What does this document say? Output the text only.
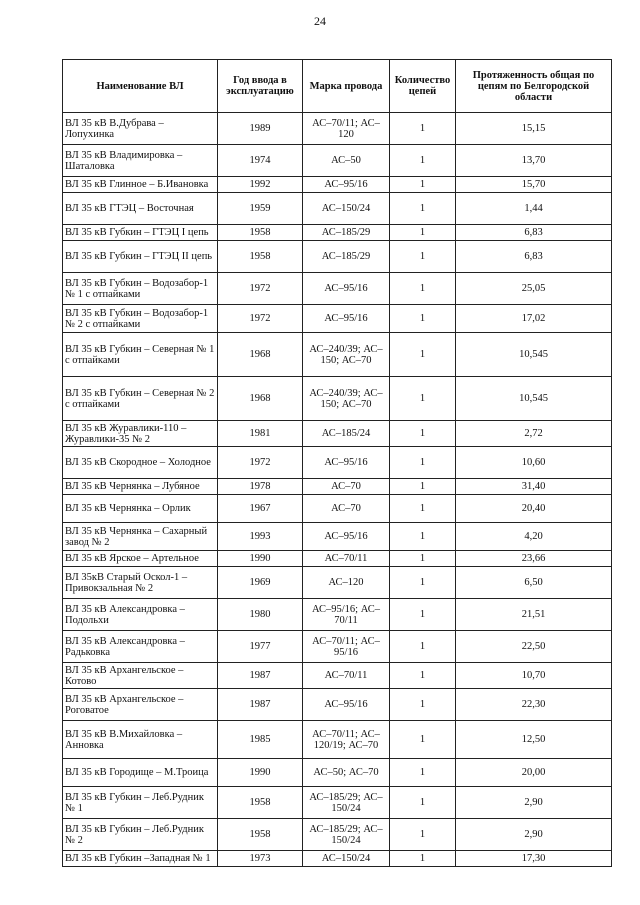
24
Наименование ВЛ	Год ввода в эксплуатацию	Марка провода	Количество цепей	Протяженность общая по цепям по Белгородской области
ВЛ 35 кВ В.Дубрава – Лопухинка	1989	АС–70/11; АС–120	1	15,15
ВЛ 35 кВ Владимировка – Шаталовка	1974	АС–50	1	13,70
ВЛ 35 кВ Глинное – Б.Ивановка	1992	АС–95/16	1	15,70
ВЛ 35 кВ ГТЭЦ – Восточная	1959	АС–150/24	1	1,44
ВЛ 35 кВ Губкин – ГТЭЦ I цепь	1958	АС–185/29	1	6,83
ВЛ 35 кВ Губкин – ГТЭЦ II цепь	1958	АС–185/29	1	6,83
ВЛ 35 кВ Губкин – Водозабор-1 № 1 с отпайками	1972	АС–95/16	1	25,05
ВЛ 35 кВ Губкин – Водозабор-1 № 2 с отпайками	1972	АС–95/16	1	17,02
ВЛ 35 кВ Губкин – Северная № 1 с отпайками	1968	АС–240/39; АС–150; АС–70	1	10,545
ВЛ 35 кВ Губкин – Северная № 2 с отпайками	1968	АС–240/39; АС–150; АС–70	1	10,545
ВЛ 35 кВ Журавлики-110 – Журавлики-35 № 2	1981	АС–185/24	1	2,72
ВЛ 35 кВ Скородное – Холодное	1972	АС–95/16	1	10,60
ВЛ 35 кВ Чернянка – Лубяное	1978	АС–70	1	31,40
ВЛ 35 кВ Чернянка – Орлик	1967	АС–70	1	20,40
ВЛ 35 кВ Чернянка – Сахарный завод № 2	1993	АС–95/16	1	4,20
ВЛ 35 кВ Ярское – Артельное	1990	АС–70/11	1	23,66
ВЛ 35кВ Старый Оскол-1 – Привокзальная № 2	1969	АС–120	1	6,50
ВЛ 35 кВ Александровка – Подольхи	1980	АС–95/16; АС–70/11	1	21,51
ВЛ 35 кВ Александровка – Радьковка	1977	АС–70/11; АС–95/16	1	22,50
ВЛ 35 кВ Архангельское – Котово	1987	АС–70/11	1	10,70
ВЛ 35 кВ Архангельское – Роговатое	1987	АС–95/16	1	22,30
ВЛ 35 кВ В.Михайловка – Анновка	1985	АС–70/11; АС–120/19; АС–70	1	12,50
ВЛ 35 кВ Городище – М.Троица	1990	АС–50; АС–70	1	20,00
ВЛ 35 кВ Губкин – Леб.Рудник № 1	1958	АС–185/29; АС–150/24	1	2,90
ВЛ 35 кВ Губкин – Леб.Рудник № 2	1958	АС–185/29; АС–150/24	1	2,90
ВЛ 35 кВ Губкин –Западная № 1	1973	АС–150/24	1	17,30
